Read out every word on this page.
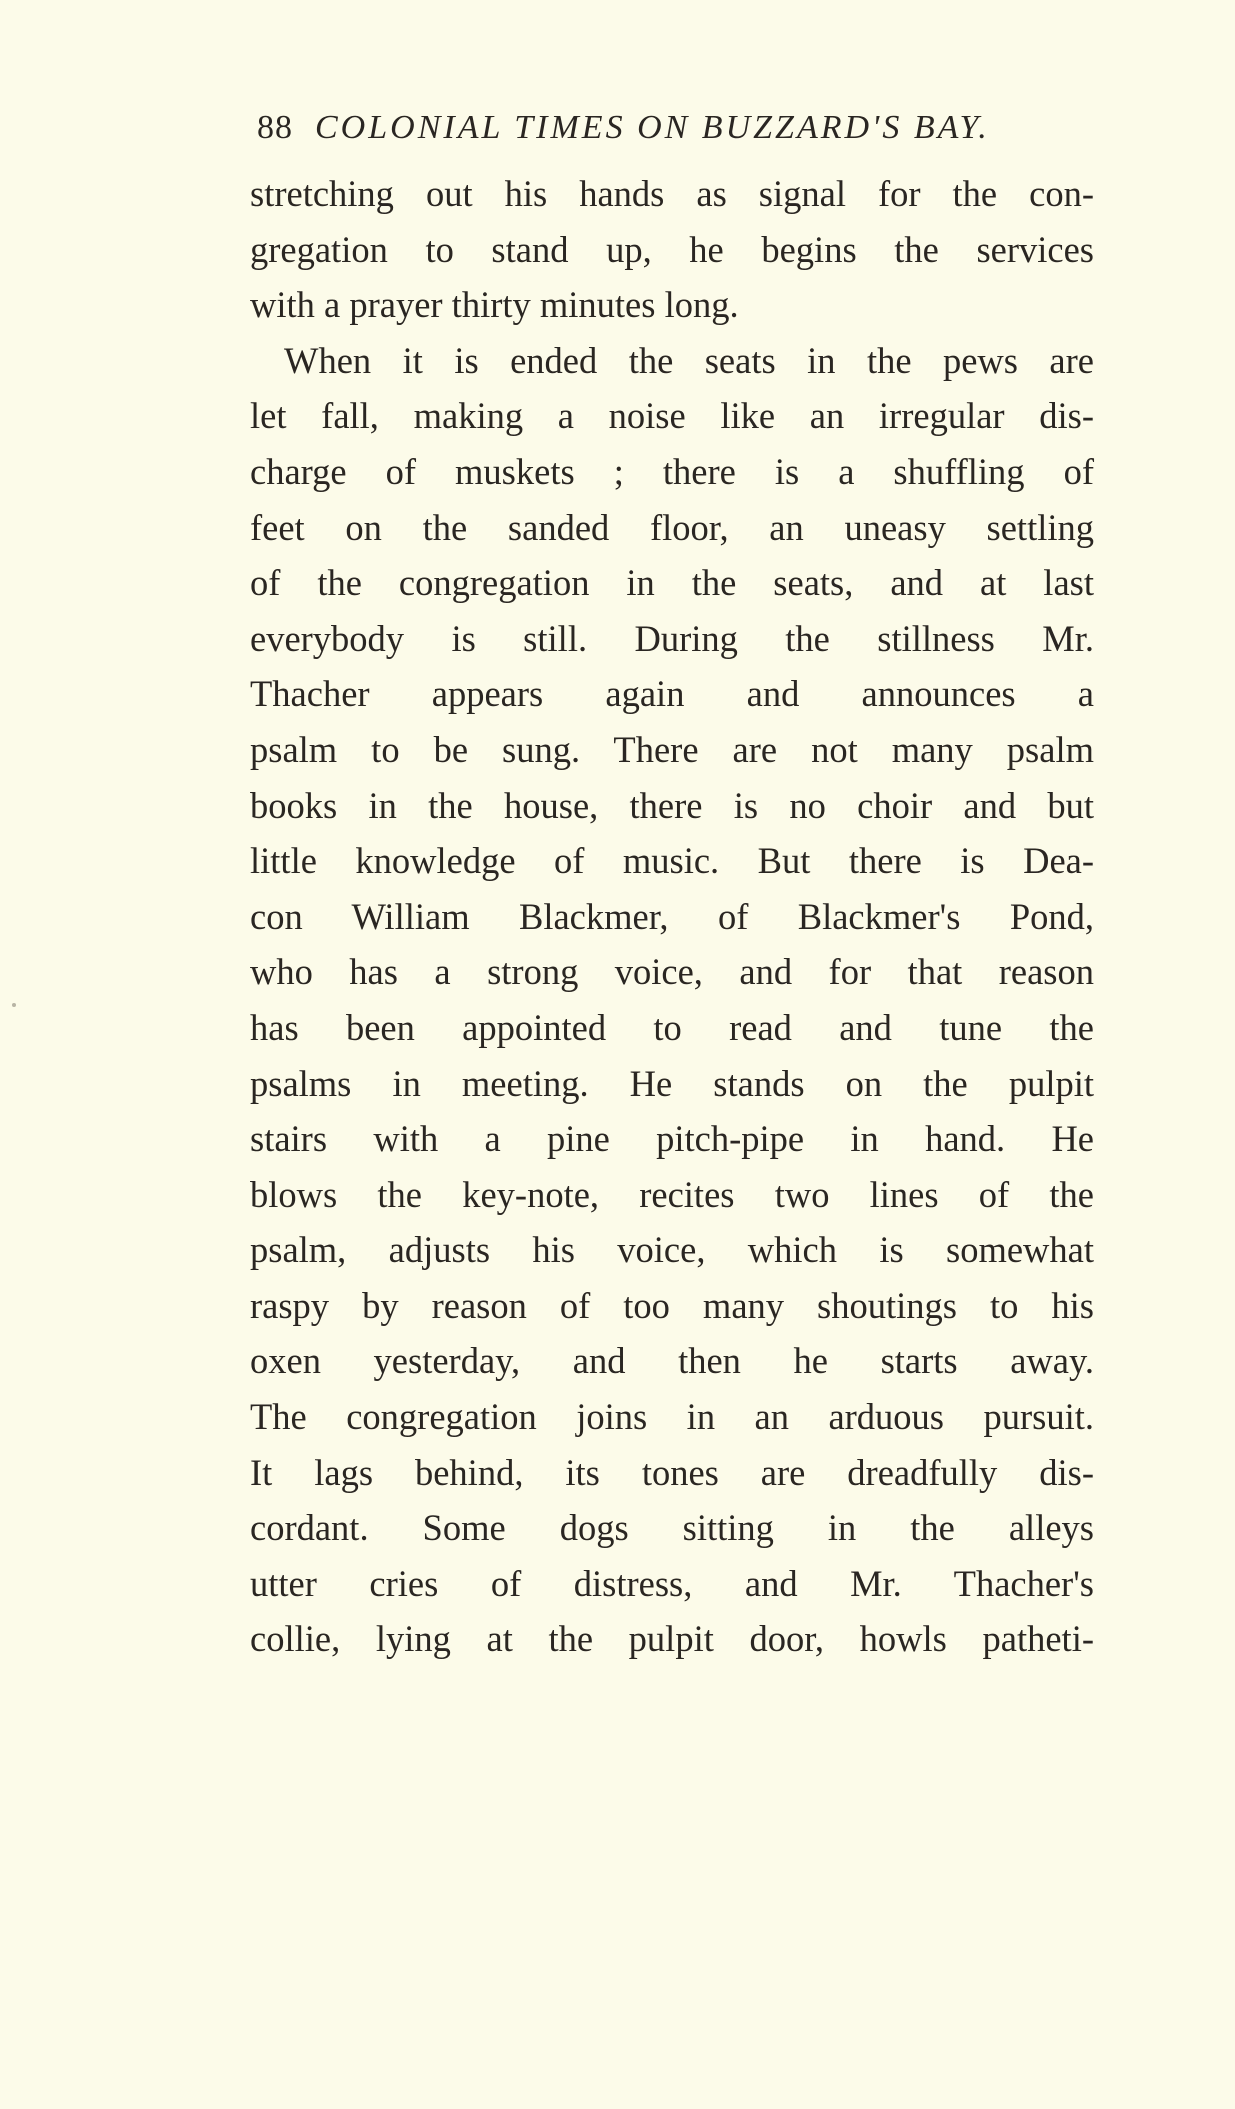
88 COLONIAL TIMES ON BUZZARD'S BAY.
stretching out his hands as signal for the con-
gregation to stand up, he begins the services
with a prayer thirty minutes long.
When it is ended the seats in the pews are
let fall, making a noise like an irregular dis-
charge of muskets ; there is a shuffling of
feet on the sanded floor, an uneasy settling
of the congregation in the seats, and at last
everybody is still. During the stillness Mr.
Thacher appears again and announces a
psalm to be sung. There are not many psalm
books in the house, there is no choir and but
little knowledge of music. But there is Dea-
con William Blackmer, of Blackmer's Pond,
who has a strong voice, and for that reason
has been appointed to read and tune the
psalms in meeting. He stands on the pulpit
stairs with a pine pitch-pipe in hand. He
blows the key-note, recites two lines of the
psalm, adjusts his voice, which is somewhat
raspy by reason of too many shoutings to his
oxen yesterday, and then he starts away.
The congregation joins in an arduous pursuit.
It lags behind, its tones are dreadfully dis-
cordant. Some dogs sitting in the alleys
utter cries of distress, and Mr. Thacher's
collie, lying at the pulpit door, howls patheti-
